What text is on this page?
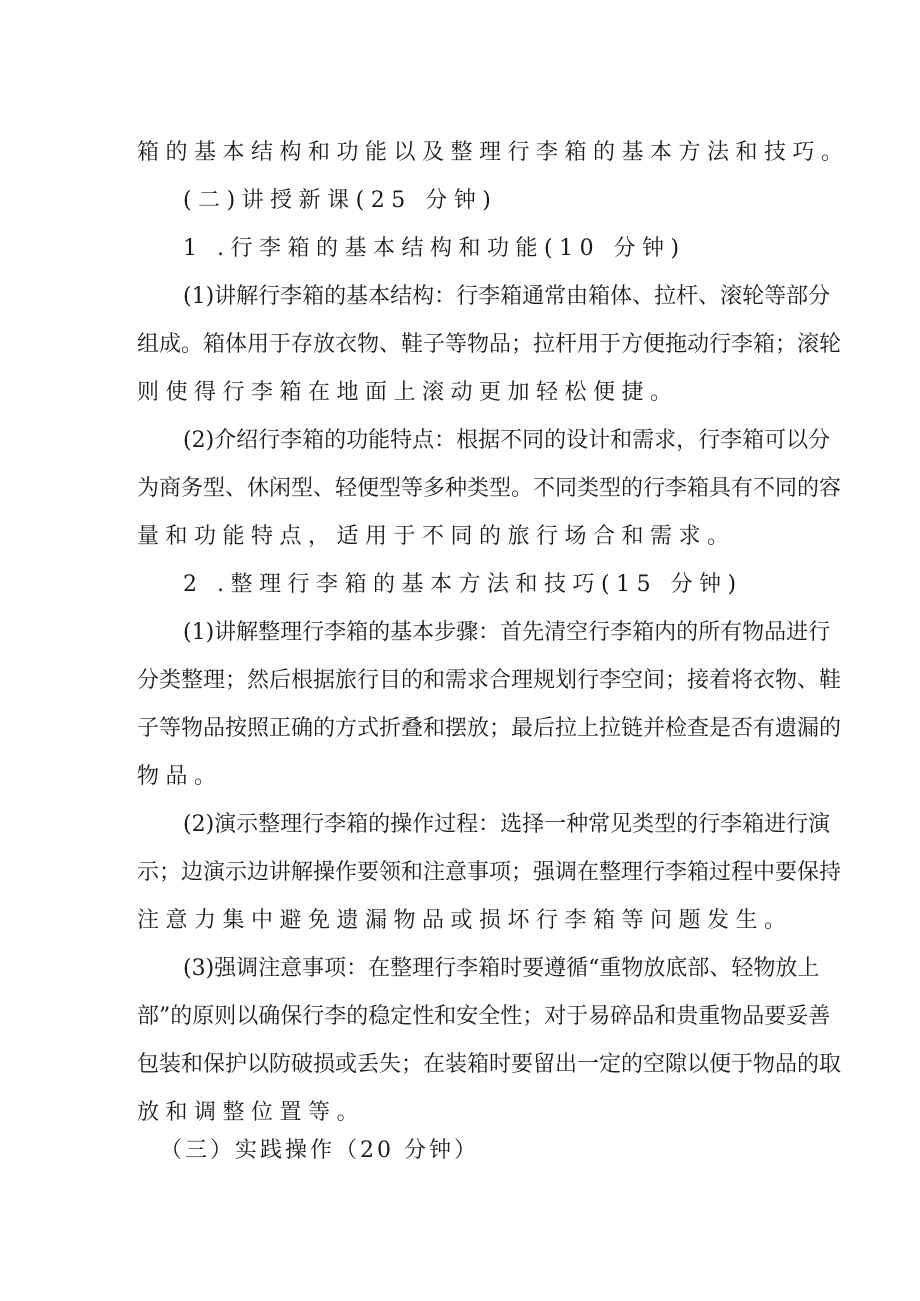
箱的基本结构和功能以及整理行李箱的基本方法和技巧。
(二)讲授新课(25 分钟)
1 .行李箱的基本结构和功能(10 分钟)
(1)讲解行李箱的基本结构：行李箱通常由箱体、拉杆、滚轮等部分
组成。箱体用于存放衣物、鞋子等物品；拉杆用于方便拖动行李箱；滚轮
则使得行李箱在地面上滚动更加轻松便捷。
(2)介绍行李箱的功能特点：根据不同的设计和需求，行李箱可以分
为商务型、休闲型、轻便型等多种类型。不同类型的行李箱具有不同的容
量和功能特点，适用于不同的旅行场合和需求。
2 .整理行李箱的基本方法和技巧(15 分钟)
(1)讲解整理行李箱的基本步骤：首先清空行李箱内的所有物品进行
分类整理；然后根据旅行目的和需求合理规划行李空间；接着将衣物、鞋
子等物品按照正确的方式折叠和摆放；最后拉上拉链并检查是否有遗漏的
物品。
(2)演示整理行李箱的操作过程：选择一种常见类型的行李箱进行演
示；边演示边讲解操作要领和注意事项；强调在整理行李箱过程中要保持
注意力集中避免遗漏物品或损坏行李箱等问题发生。
(3)强调注意事项：在整理行李箱时要遵循“重物放底部、轻物放上
部”的原则以确保行李的稳定性和安全性；对于易碎品和贵重物品要妥善
包装和保护以防破损或丢失；在装箱时要留出一定的空隙以便于物品的取
放和调整位置等。
（三）实践操作（20 分钟）
